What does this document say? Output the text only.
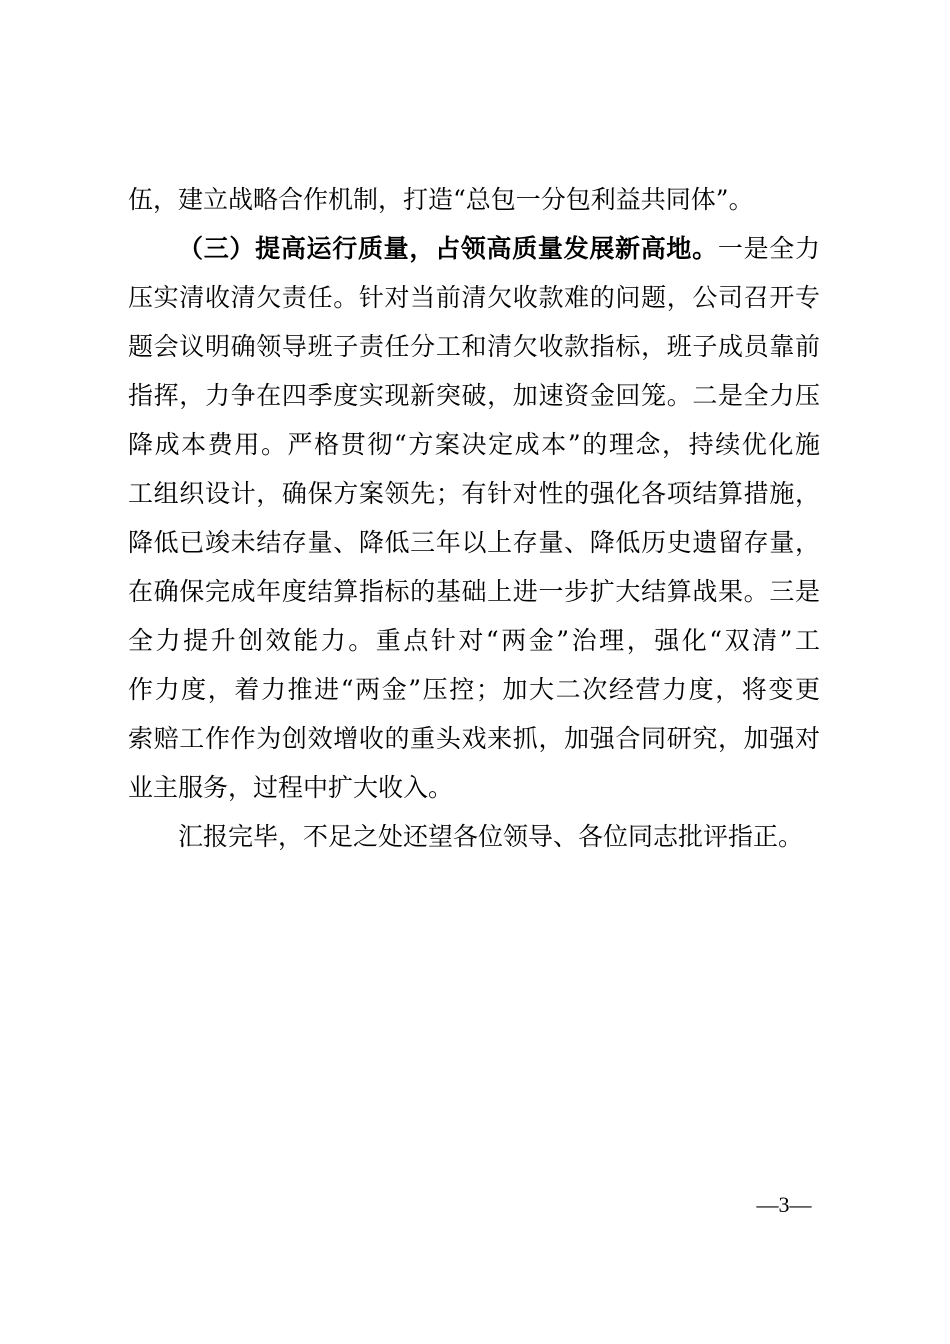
伍，建立战略合作机制，打造“总包一分包利益共同体”。
（三）提高运行质量，占领高质量发展新高地。一是全力
压实清收清欠责任。针对当前清欠收款难的问题，公司召开专
题会议明确领导班子责任分工和清欠收款指标，班子成员靠前
指挥，力争在四季度实现新突破，加速资金回笼。二是全力压
降成本费用。严格贯彻“方案决定成本”的理念，持续优化施
工组织设计，确保方案领先；有针对性的强化各项结算措施，
降低已竣未结存量、降低三年以上存量、降低历史遗留存量，
在确保完成年度结算指标的基础上进一步扩大结算战果。三是
全力提升创效能力。重点针对“两金”治理，强化“双清”工
作力度，着力推进“两金”压控；加大二次经营力度，将变更
索赔工作作为创效增收的重头戏来抓，加强合同研究，加强对
业主服务，过程中扩大收入。
汇报完毕，不足之处还望各位领导、各位同志批评指正。
—3—
